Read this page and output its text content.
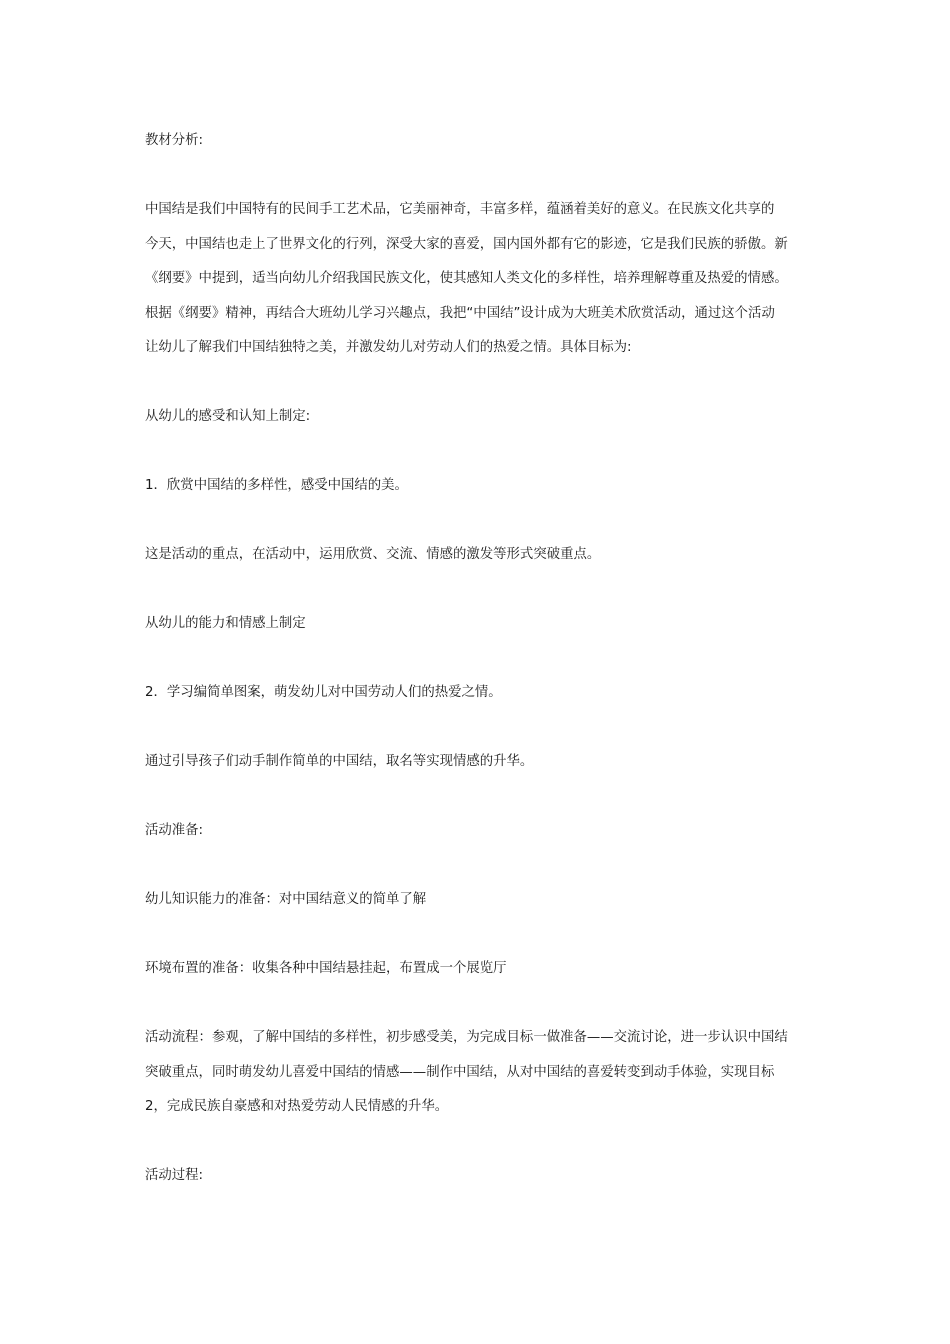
教材分析:

中国结是我们中国特有的民间手工艺术品，它美丽神奇，丰富多样，蕴涵着美好的意义。在民族文化共享的
今天，中国结也走上了世界文化的行列，深受大家的喜爱，国内国外都有它的影迹，它是我们民族的骄傲。新
《纲要》中提到，适当向幼儿介绍我国民族文化，使其感知人类文化的多样性，培养理解尊重及热爱的情感。
根据《纲要》精神，再结合大班幼儿学习兴趣点，我把“中国结”设计成为大班美术欣赏活动，通过这个活动
让幼儿了解我们中国结独特之美，并激发幼儿对劳动人们的热爱之情。具体目标为:

从幼儿的感受和认知上制定:

1．欣赏中国结的多样性，感受中国结的美。

这是活动的重点，在活动中，运用欣赏、交流、情感的激发等形式突破重点。

从幼儿的能力和情感上制定

2．学习编简单图案，萌发幼儿对中国劳动人们的热爱之情。

通过引导孩子们动手制作简单的中国结，取名等实现情感的升华。

活动准备:

幼儿知识能力的准备：对中国结意义的简单了解

环境布置的准备：收集各种中国结悬挂起，布置成一个展览厅

活动流程：参观，了解中国结的多样性，初步感受美，为完成目标一做准备——交流讨论，进一步认识中国结
突破重点，同时萌发幼儿喜爱中国结的情感——制作中国结，从对中国结的喜爱转变到动手体验，实现目标
2，完成民族自豪感和对热爱劳动人民情感的升华。

活动过程:
